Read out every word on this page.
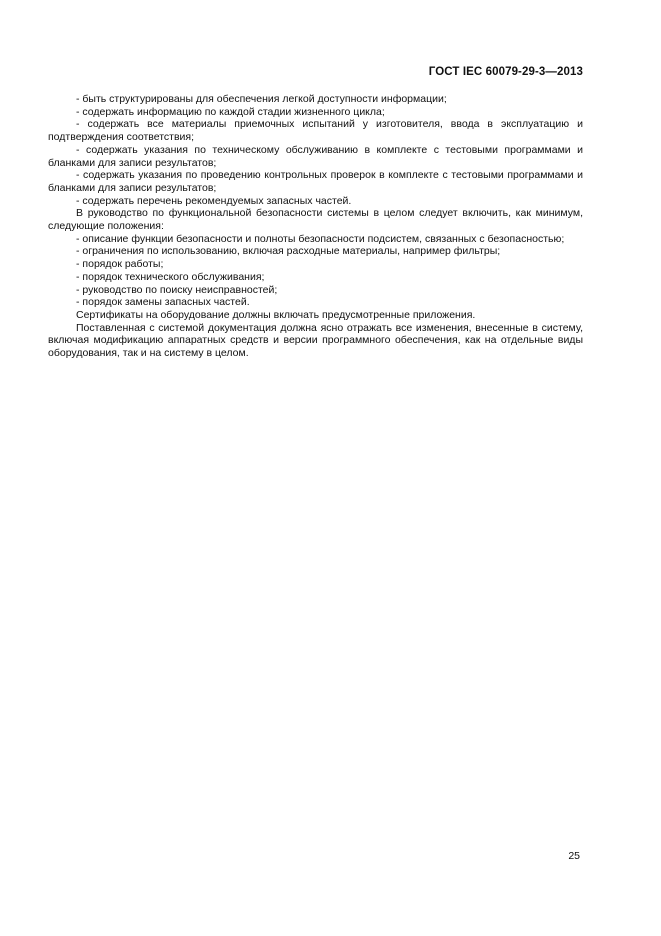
ГОСТ IEC 60079-29-3—2013

- быть структурированы для обеспечения легкой доступности информации;

- содержать информацию по каждой стадии жизненного цикла;

- содержать все материалы приемочных испытаний у изготовителя, ввода в эксплуатацию и подтверждения соответствия;

- содержать указания по техническому обслуживанию в комплекте с тестовыми программами и бланками для записи результатов;

- содержать указания по проведению контрольных проверок в комплекте с тестовыми программами и бланками для записи результатов;

- содержать перечень рекомендуемых запасных частей.

В руководство по функциональной безопасности системы в целом следует включить, как минимум, следующие положения:

- описание функции безопасности и полноты безопасности подсистем, связанных с безопасностью;

- ограничения по использованию, включая расходные материалы, например фильтры;

- порядок работы;

- порядок технического обслуживания;

- руководство по поиску неисправностей;

- порядок замены запасных частей.

Сертификаты на оборудование должны включать предусмотренные приложения.

Поставленная с системой документация должна ясно отражать все изменения, внесенные в систему, включая модификацию аппаратных средств и версии программного обеспечения, как на отдельные виды оборудования, так и на систему в целом.

25
